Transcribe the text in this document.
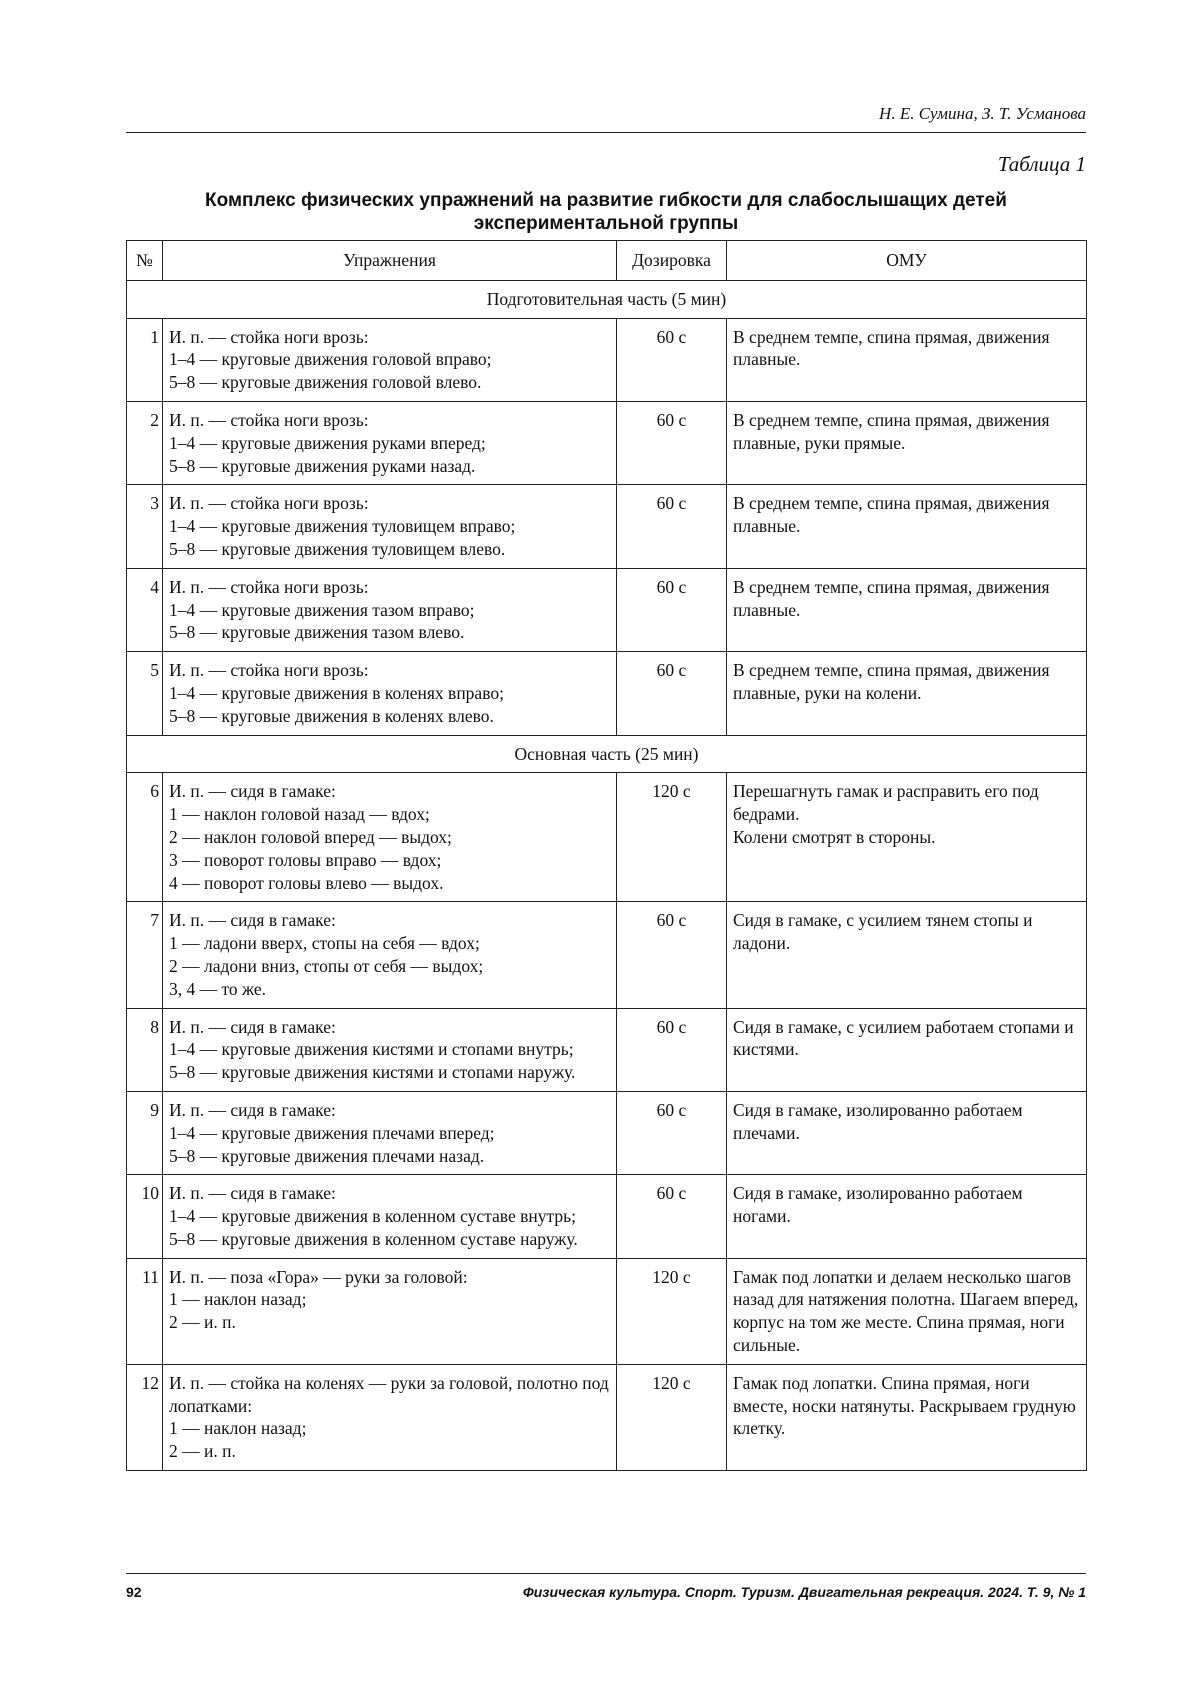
Н. Е. Сумина, З. Т. Усманова
Таблица 1
Комплекс физических упражнений на развитие гибкости для слабослышащих детей экспериментальной группы
№	Упражнения	Дозировка	ОМУ
Подготовительная часть (5 мин)			
1	И. п. — стойка ноги врозь:
1–4 — круговые движения головой вправо;
5–8 — круговые движения головой влево.	60 с	В среднем темпе, спина прямая, движения плавные.

2	И. п. — стойка ноги врозь:
1–4 — круговые движения руками вперед;
5–8 — круговые движения руками назад.	60 с	В среднем темпе, спина прямая, движения плавные, руки прямые.

3	И. п. — стойка ноги врозь:
1–4 — круговые движения туловищем вправо;
5–8 — круговые движения туловищем влево.	60 с	В среднем темпе, спина прямая, движения плавные.

4	И. п. — стойка ноги врозь:
1–4 — круговые движения тазом вправо;
5–8 — круговые движения тазом влево.	60 с	В среднем темпе, спина прямая, движения плавные.

5	И. п. — стойка ноги врозь:
1–4 — круговые движения в коленях вправо;
5–8 — круговые движения в коленях влево.	60 с	В среднем темпе, спина прямая, движения плавные, руки на колени.

Основная часть (25 мин)			
6	И. п. — сидя в гамаке:
1 — наклон головой назад — вдох;
2 — наклон головой вперед — выдох;
3 — поворот головы вправо — вдох;
4 — поворот головы влево — выдох.	120 с	Перешагнуть гамак и расправить его под бедрами.
Колени смотрят в стороны.

7	И. п. — сидя в гамаке:
1 — ладони вверх, стопы на себя — вдох;
2 — ладони вниз, стопы от себя — выдох;
3, 4 — то же.	60 с	Сидя в гамаке, с усилием тянем стопы и ладони.

8	И. п. — сидя в гамаке:
1–4 — круговые движения кистями и стопами внутрь;
5–8 — круговые движения кистями и стопами наружу.	60 с	Сидя в гамаке, с усилием работаем стопами и кистями.

9	И. п. — сидя в гамаке:
1–4 — круговые движения плечами вперед;
5–8 — круговые движения плечами назад.	60 с	Сидя в гамаке, изолированно работаем плечами.

10	И. п. — сидя в гамаке:
1–4 — круговые движения в коленном суставе внутрь;
5–8 — круговые движения в коленном суставе наружу.	60 с	Сидя в гамаке, изолированно работаем ногами.

11	И. п. — поза «Гора» — руки за головой:
1 — наклон назад;
2 — и. п.	120 с	Гамак под лопатки и делаем несколько шагов назад для натяжения полотна. Шагаем вперед, корпус на том же месте. Спина прямая, ноги сильные.

12	И. п. — стойка на коленях — руки за головой, полотно под лопатками:
1 — наклон назад;
2 — и. п.	120 с	Гамак под лопатки. Спина прямая, ноги вместе, носки натянуты. Раскрываем грудную клетку.
92	Физическая культура. Спорт. Туризм. Двигательная рекреация. 2024. Т. 9, № 1
